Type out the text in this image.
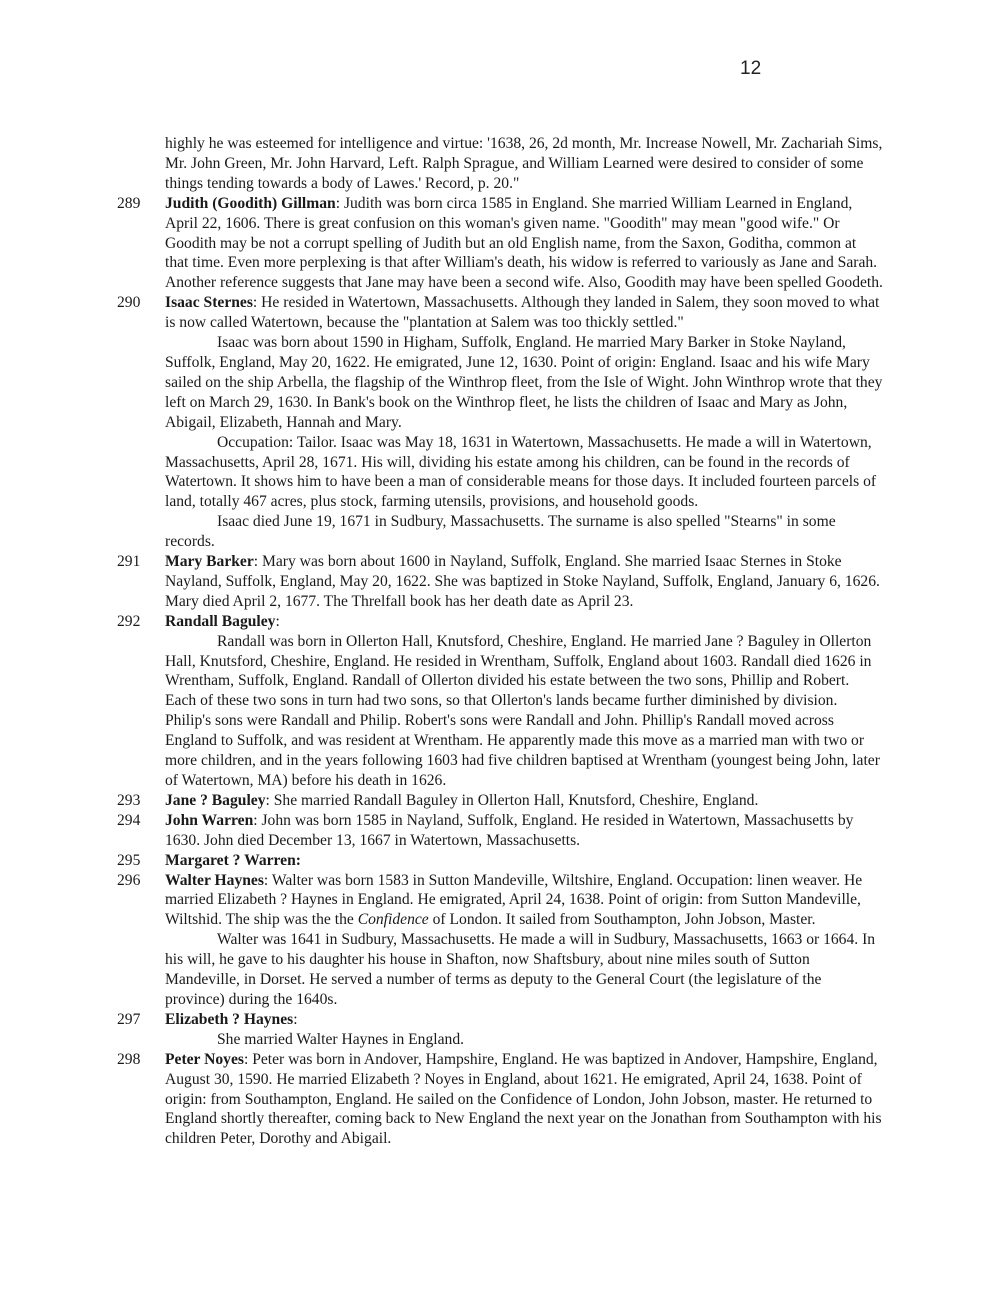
12

highly he was esteemed for intelligence and virtue: '1638, 26, 2d month, Mr. Increase Nowell, Mr. Zachariah Sims, Mr. John Green, Mr. John Harvard, Left. Ralph Sprague, and William Learned were desired to consider of some things tending towards a body of Lawes.' Record, p. 20."

289	Judith (Goodith) Gillman: Judith was born circa 1585 in England. She married William Learned in England, April 22, 1606. There is great confusion on this woman's given name. "Goodith" may mean "good wife." Or Goodith may be not a corrupt spelling of Judith but an old English name, from the Saxon, Goditha, common at that time. Even more perplexing is that after William's death, his widow is referred to variously as Jane and Sarah. Another reference suggests that Jane may have been a second wife. Also, Goodith may have been spelled Goodeth.

290	Isaac Sternes: He resided in Watertown, Massachusetts. Although they landed in Salem, they soon moved to what is now called Watertown, because the "plantation at Salem was too thickly settled."

Isaac was born about 1590 in Higham, Suffolk, England. He married Mary Barker in Stoke Nayland, Suffolk, England, May 20, 1622. He emigrated, June 12, 1630. Point of origin: England. Isaac and his wife Mary sailed on the ship Arbella, the flagship of the Winthrop fleet, from the Isle of Wight. John Winthrop wrote that they left on March 29, 1630. In Bank's book on the Winthrop fleet, he lists the children of Isaac and Mary as John, Abigail, Elizabeth, Hannah and Mary.

Occupation: Tailor. Isaac was May 18, 1631 in Watertown, Massachusetts. He made a will in Watertown, Massachusetts, April 28, 1671. His will, dividing his estate among his children, can be found in the records of Watertown. It shows him to have been a man of considerable means for those days. It included fourteen parcels of land, totally 467 acres, plus stock, farming utensils, provisions, and household goods.

Isaac died June 19, 1671 in Sudbury, Massachusetts. The surname is also spelled "Stearns" in some records.

291	Mary Barker: Mary was born about 1600 in Nayland, Suffolk, England. She married Isaac Sternes in Stoke Nayland, Suffolk, England, May 20, 1622. She was baptized in Stoke Nayland, Suffolk, England, January 6, 1626. Mary died April 2, 1677. The Threlfall book has her death date as April 23.

292	Randall Baguley:

Randall was born in Ollerton Hall, Knutsford, Cheshire, England. He married Jane ? Baguley in Ollerton Hall, Knutsford, Cheshire, England. He resided in Wrentham, Suffolk, England about 1603. Randall died 1626 in Wrentham, Suffolk, England. Randall of Ollerton divided his estate between the two sons, Phillip and Robert. Each of these two sons in turn had two sons, so that Ollerton's lands became further diminished by division. Philip's sons were Randall and Philip. Robert's sons were Randall and John. Phillip's Randall moved across England to Suffolk, and was resident at Wrentham. He apparently made this move as a married man with two or more children, and in the years following 1603 had five children baptised at Wrentham (youngest being John, later of Watertown, MA) before his death in 1626.

293	Jane ? Baguley: She married Randall Baguley in Ollerton Hall, Knutsford, Cheshire, England.

294	John Warren: John was born 1585 in Nayland, Suffolk, England. He resided in Watertown, Massachusetts by 1630. John died December 13, 1667 in Watertown, Massachusetts.

295	Margaret ? Warren:

296	Walter Haynes: Walter was born 1583 in Sutton Mandeville, Wiltshire, England. Occupation: linen weaver. He married Elizabeth ? Haynes in England. He emigrated, April 24, 1638. Point of origin: from Sutton Mandeville, Wiltshid. The ship was the the Confidence of London. It sailed from Southampton, John Jobson, Master.

Walter was 1641 in Sudbury, Massachusetts. He made a will in Sudbury, Massachusetts, 1663 or 1664. In his will, he gave to his daughter his house in Shafton, now Shaftsbury, about nine miles south of Sutton Mandeville, in Dorset. He served a number of terms as deputy to the General Court (the legislature of the province) during the 1640s.

297	Elizabeth ? Haynes:

She married Walter Haynes in England.

298	Peter Noyes: Peter was born in Andover, Hampshire, England. He was baptized in Andover, Hampshire, England, August 30, 1590. He married Elizabeth ? Noyes in England, about 1621. He emigrated, April 24, 1638. Point of origin: from Southampton, England. He sailed on the Confidence of London, John Jobson, master. He returned to England shortly thereafter, coming back to New England the next year on the Jonathan from Southampton with his children Peter, Dorothy and Abigail.
